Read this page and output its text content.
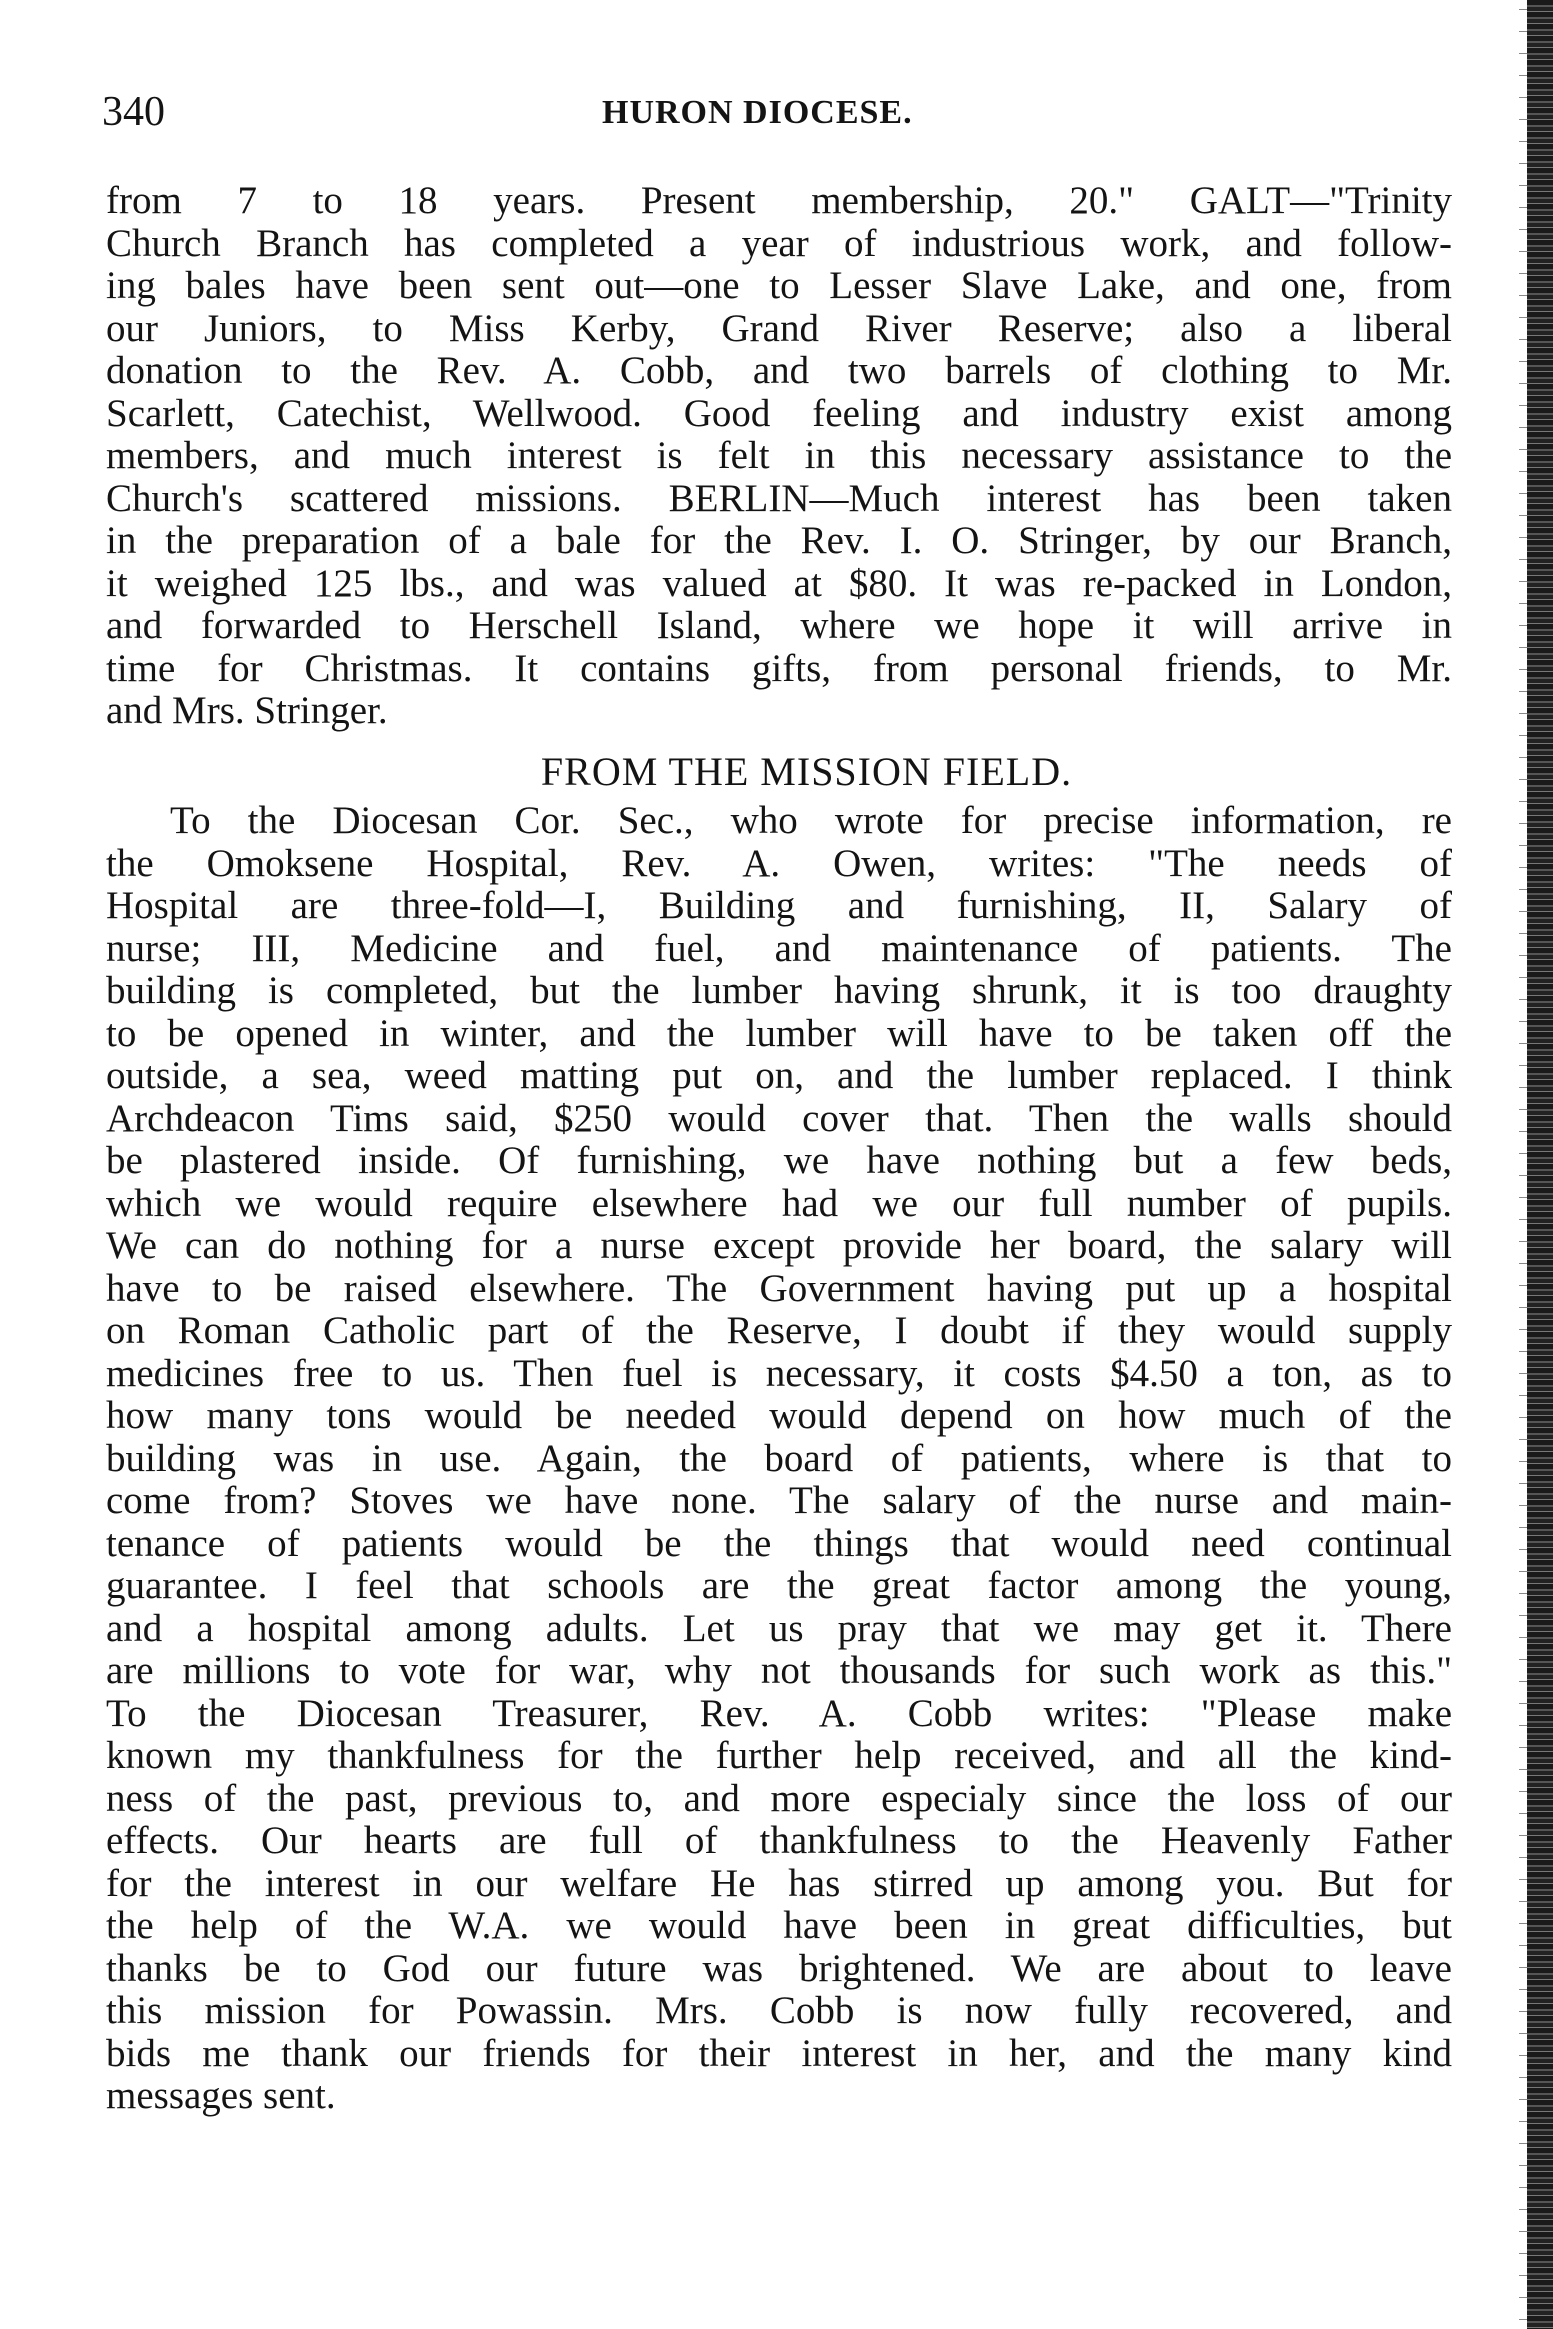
340	HURON DIOCESE.
from 7 to 18 years. Present membership, 20." GALT—"Trinity
Church Branch has completed a year of industrious work, and follow-
ing bales have been sent out—one to Lesser Slave Lake, and one, from
our Juniors, to Miss Kerby, Grand River Reserve; also a liberal
donation to the Rev. A. Cobb, and two barrels of clothing to Mr.
Scarlett, Catechist, Wellwood. Good feeling and industry exist among
members, and much interest is felt in this necessary assistance to the
Church's scattered missions. BERLIN—Much interest has been taken
in the preparation of a bale for the Rev. I. O. Stringer, by our Branch,
it weighed 125 lbs., and was valued at $80. It was re-packed in London,
and forwarded to Herschell Island, where we hope it will arrive in
time for Christmas. It contains gifts, from personal friends, to Mr.
and Mrs. Stringer.
FROM THE MISSION FIELD.
To the Diocesan Cor. Sec., who wrote for precise information, re
the Omoksene Hospital, Rev. A. Owen, writes: "The needs of
Hospital are three-fold—I, Building and furnishing, II, Salary of
nurse; III, Medicine and fuel, and maintenance of patients. The
building is completed, but the lumber having shrunk, it is too draughty
to be opened in winter, and the lumber will have to be taken off the
outside, a sea, weed matting put on, and the lumber replaced. I think
Archdeacon Tims said, $250 would cover that. Then the walls should
be plastered inside. Of furnishing, we have nothing but a few beds,
which we would require elsewhere had we our full number of pupils.
We can do nothing for a nurse except provide her board, the salary will
have to be raised elsewhere. The Government having put up a hospital
on Roman Catholic part of the Reserve, I doubt if they would supply
medicines free to us. Then fuel is necessary, it costs $4.50 a ton, as to
how many tons would be needed would depend on how much of the
building was in use. Again, the board of patients, where is that to
come from? Stoves we have none. The salary of the nurse and main-
tenance of patients would be the things that would need continual
guarantee. I feel that schools are the great factor among the young,
and a hospital among adults. Let us pray that we may get it. There
are millions to vote for war, why not thousands for such work as this."
To the Diocesan Treasurer, Rev. A. Cobb writes: "Please make
known my thankfulness for the further help received, and all the kind-
ness of the past, previous to, and more especialy since the loss of our
effects. Our hearts are full of thankfulness to the Heavenly Father
for the interest in our welfare He has stirred up among you. But for
the help of the W.A. we would have been in great difficulties, but
thanks be to God our future was brightened. We are about to leave
this mission for Powassin. Mrs. Cobb is now fully recovered, and
bids me thank our friends for their interest in her, and the many kind
messages sent.
